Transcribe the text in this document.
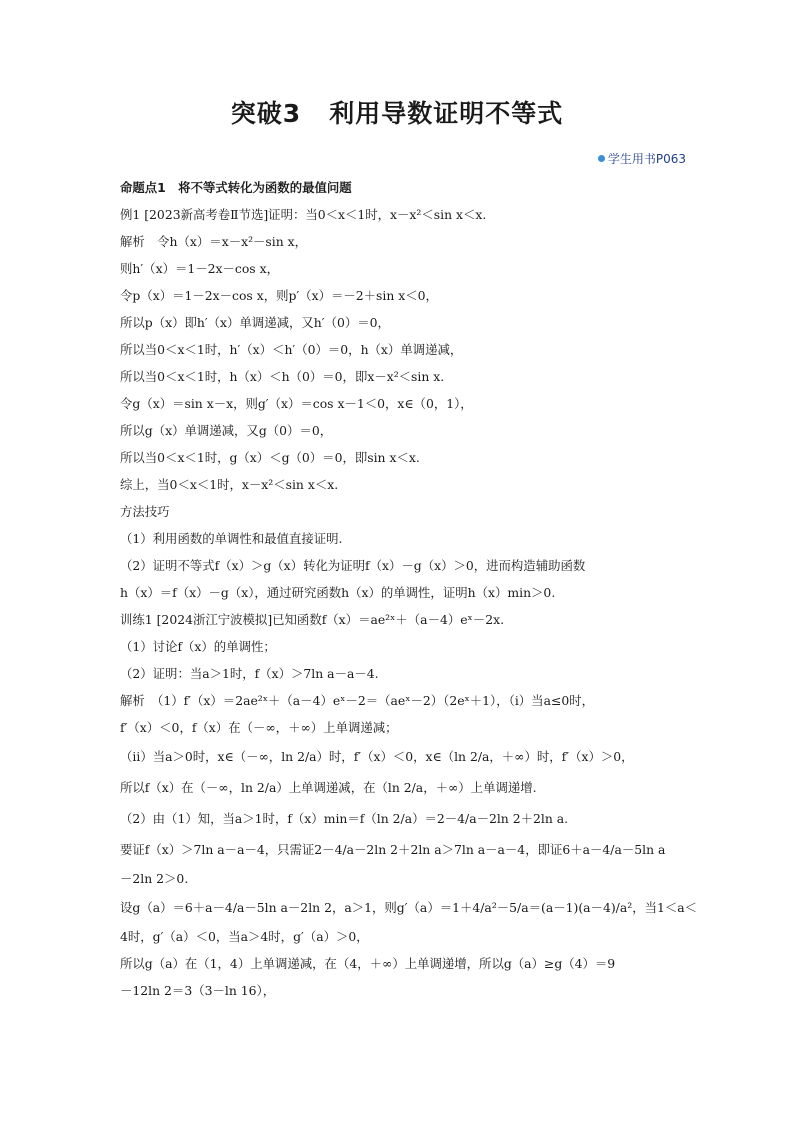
突破3 利用导数证明不等式
学生用书P063
命题点1　将不等式转化为函数的最值问题
例1 [2023新高考卷Ⅱ节选]证明：当0＜x＜1时，x－x²＜sin x＜x.
解析　令h（x）＝x－x²－sin x，
则h′（x）＝1－2x－cos x，
令p（x）＝1－2x－cos x，则p′（x）＝－2＋sin x＜0，
所以p（x）即h′（x）单调递减，又h′（0）＝0，
所以当0＜x＜1时，h′（x）＜h′（0）＝0，h（x）单调递减，
所以当0＜x＜1时，h（x）＜h（0）＝0，即x－x²＜sin x.
令g（x）＝sin x－x，则g′（x）＝cos x－1＜0，x∈（0，1），
所以g（x）单调递减，又g（0）＝0，
所以当0＜x＜1时，g（x）＜g（0）＝0，即sin x＜x.
综上，当0＜x＜1时，x－x²＜sin x＜x.
方法技巧
（1）利用函数的单调性和最值直接证明.
（2）证明不等式f（x）＞g（x）转化为证明f（x）－g（x）＞0，进而构造辅助函数
h（x）＝f（x）－g（x），通过研究函数h（x）的单调性，证明h（x）min＞0.
训练1 [2024浙江宁波模拟]已知函数f（x）＝ae²ˣ＋（a－4）eˣ－2x.
（1）讨论f（x）的单调性；
（2）证明：当a＞1时，f（x）＞7ln a－a－4.
解析　（1）f′（x）＝2ae²ˣ＋（a－4）eˣ－2＝（aeˣ－2）（2eˣ＋1），（ⅰ）当a≤0时，
f′（x）＜0，f（x）在（－∞，＋∞）上单调递减；
（ⅱ）当a＞0时，x∈（－∞，ln 2/a）时，f′（x）＜0，x∈（ln 2/a，＋∞）时，f′（x）＞0，
所以f（x）在（－∞，ln 2/a）上单调递减，在（ln 2/a，＋∞）上单调递增.
（2）由（1）知，当a＞1时，f（x）min＝f（ln 2/a）＝2－4/a－2ln 2＋2ln a.
要证f（x）＞7ln a－a－4，只需证2－4/a－2ln 2＋2ln a＞7ln a－a－4，即证6＋a－4/a－5ln a
－2ln 2＞0.
设g（a）＝6＋a－4/a－5ln a－2ln 2，a＞1，则g′（a）＝1＋4/a²－5/a＝(a－1)(a－4)/a²，当1＜a＜
4时，g′（a）＜0，当a＞4时，g′（a）＞0，
所以g（a）在（1，4）上单调递减，在（4，＋∞）上单调递增，所以g（a）≥g（4）＝9
－12ln 2＝3（3－ln 16），
